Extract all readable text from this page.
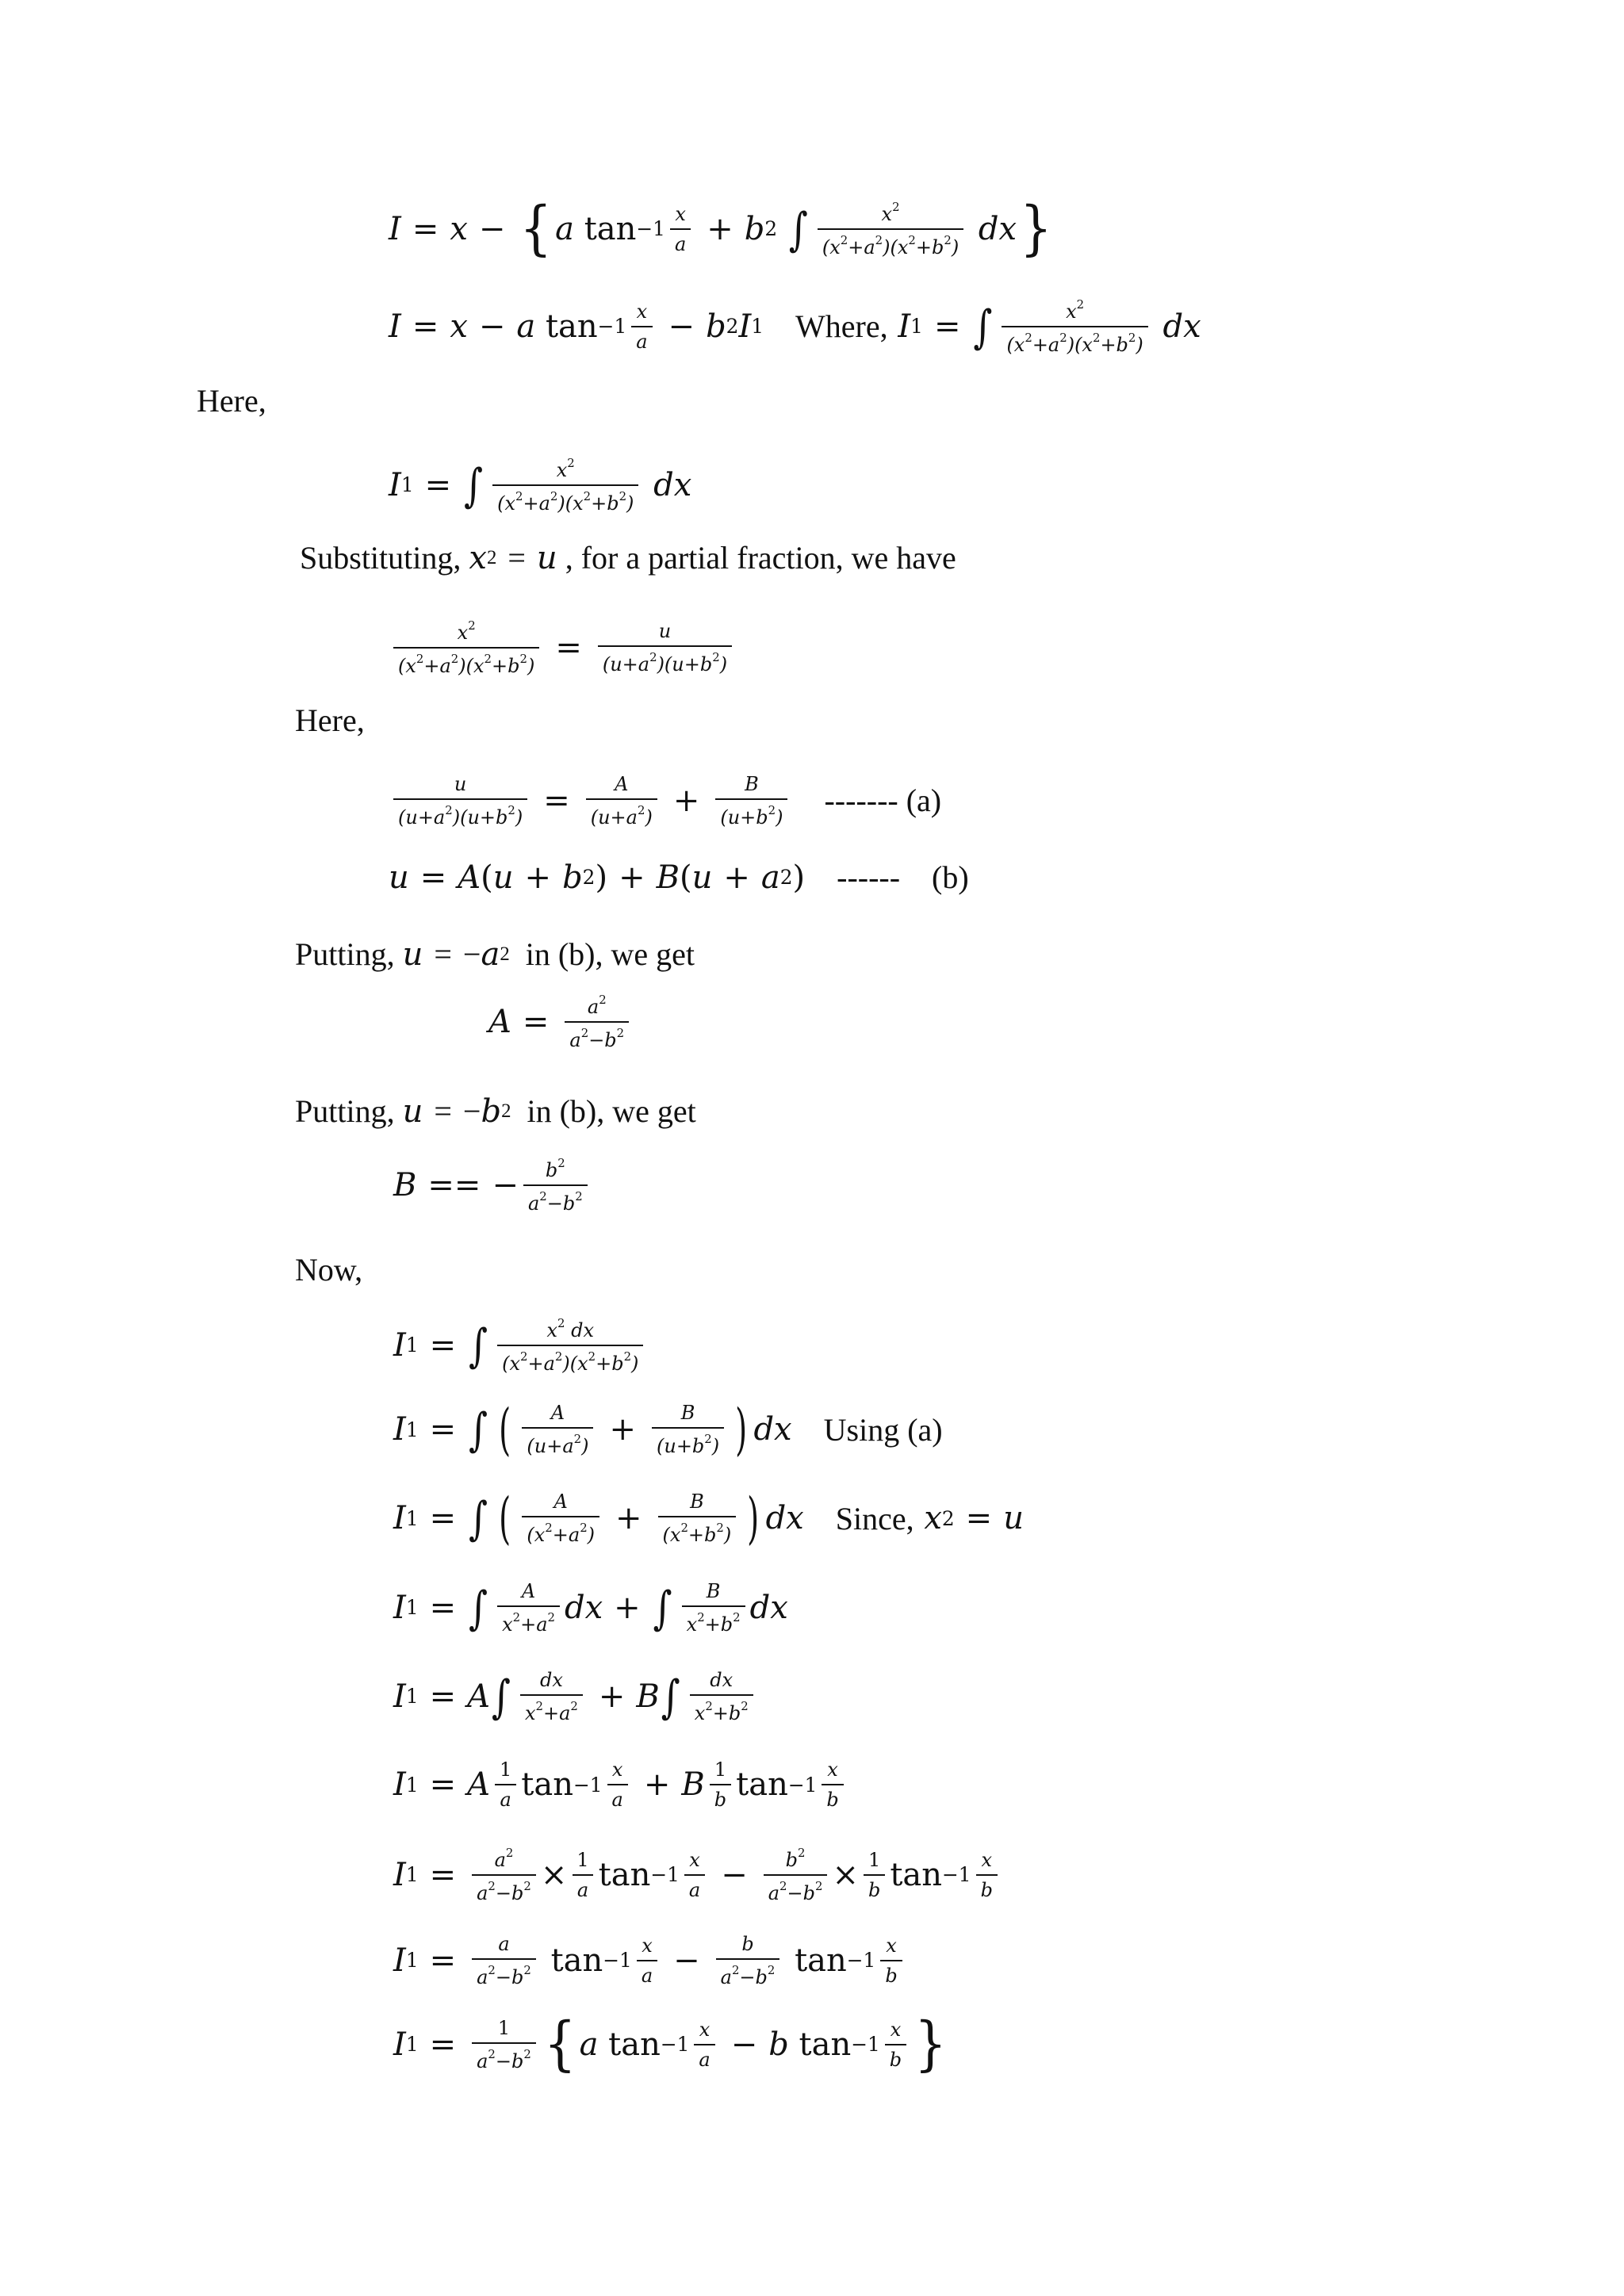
I = x − { a
$\tan -1 \frac{x}{a} + b$ 2
∫ $\frac{x^2}{(x^2+a^2)(x^2+b^2)}$
dx }
I = x − a
$\tan -1 \frac{x}{a} - b$ 2 I 1 Where,
I 1 = ∫ $\frac{x^2}{(x^2+a^2)(x^2+b^2)}$
dx
Here,
I 1 = ∫ $\frac{x^2}{(x^2+a^2)(x^2+b^2)}$
dx
Substituting,
x 2 = u
, for a partial fraction, we have
$\frac{x^2}{(x^2+a^2)(x^2+b^2)} = \frac{u}{(u+a^2)(u+b^2)}$
Here,
$\frac{u}{(u+a^2)(u+b^2)} = \frac{A}{(u+a^2)} + \frac{B}{(u+b^2)}$ ------- (a)
u = A ( u + b 2 ) + B ( u + a 2 ) ------ (b)
Putting,
u = − a 2
in (b), we get
$A = \frac{a^2}{a^2-b^2}$
Putting,
u = − b 2
in (b), we get
B == − $\frac{b^2}{a^2-b^2}$
Now,
I 1 = ∫ $\frac{x^2 dx}{(x^2+a^2)(x^2+b^2)}$
I 1 = ∫ ( $\frac{A}{(u+a^2)} + \frac{B}{(u+b^2)}$ ) dx Using (a)
I 1 = ∫ ( $\frac{A}{(x^2+a^2)} + \frac{B}{(x^2+b^2)}$ ) dx Since,
x 2 = u
I 1 = ∫ $\frac{A}{x^2+a^2}$ dx + ∫ $\frac{B}{x^2+b^2}$ dx
I 1 = A ∫ $\frac{dx}{x^2+a^2} + B$ ∫ $\frac{dx}{x^2+b^2}$
I 1 = A $\frac{1}{a}$ $\tan -1 \frac{x}{a} + B \frac{1}{b}$ $\tan -1 \frac{x}{b}$
I $1 = \frac{a^2}{a^2-b^2} \times \frac{1}{a}$ $\tan -1 \frac{x}{a} - \frac{b^2}{a^2-b^2} \times \frac{1}{b}$ $\tan -1 \frac{x}{b}$
I $1 = \frac{a}{a^2-b^2}$
$\tan -1 \frac{x}{a} - \frac{b}{a^2-b^2}$
$\tan -1 \frac{x}{b}$
I $1 = \frac{1}{a^2-b^2}$ { a
$\tan -1 \frac{x}{a} - b$
$\tan -1 \frac{x}{b}$ }
